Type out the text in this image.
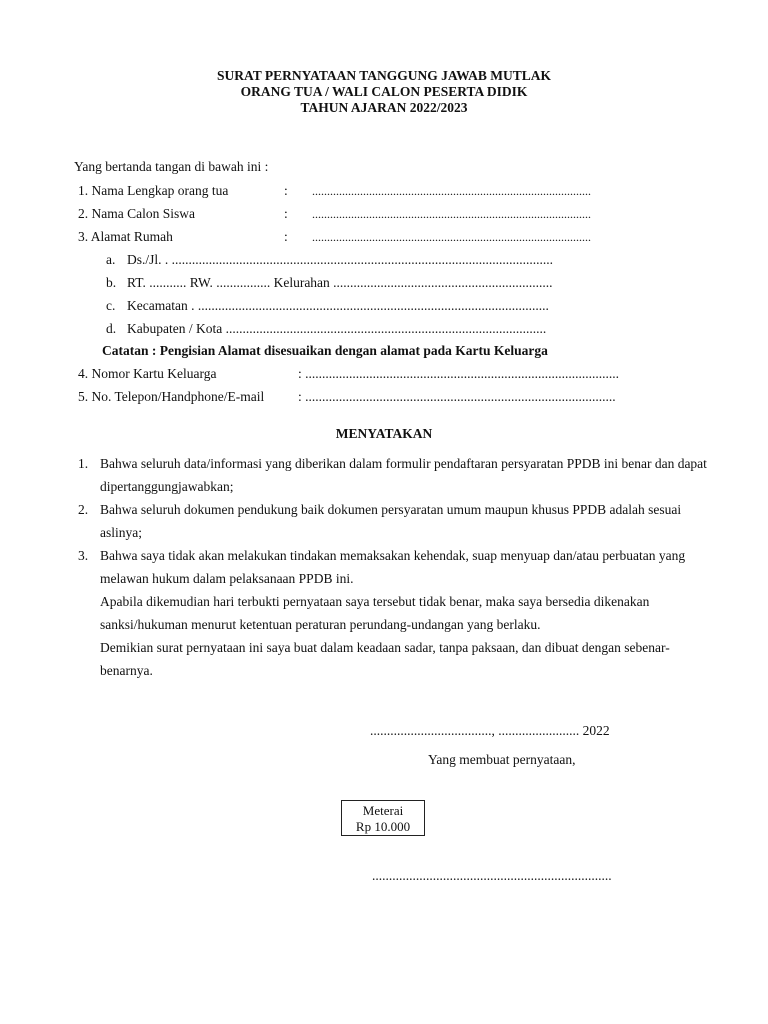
SURAT PERNYATAAN TANGGUNG JAWAB MUTLAK
ORANG TUA / WALI CALON PESERTA DIDIK
TAHUN AJARAN 2022/2023
Yang bertanda tangan di bawah ini :
1. Nama Lengkap orang tua	: .............................................................................................
2. Nama Calon Siswa	: .............................................................................................
3. Alamat Rumah	: .............................................................................................
a. Ds./Jl. . .................................................................................................................
b. RT. ........... RW. ................ Kelurahan .................................................................
c. Kecamatan . ........................................................................................................
d. Kabupaten / Kota ...............................................................................................
Catatan : Pengisian Alamat disesuaikan dengan alamat pada Kartu Keluarga
4. Nomor Kartu Keluarga	: .............................................................................................
5. No. Telepon/Handphone/E-mail : ............................................................................................
MENYATAKAN
1. Bahwa seluruh data/informasi yang diberikan dalam formulir pendaftaran persyaratan PPDB ini benar dan dapat dipertanggungjawabkan;
2. Bahwa seluruh dokumen pendukung baik dokumen persyaratan umum maupun khusus PPDB adalah sesuai aslinya;
3. Bahwa saya tidak akan melakukan tindakan memaksakan kehendak, suap menyuap dan/atau perbuatan yang melawan hukum dalam pelaksanaan PPDB ini.
Apabila dikemudian hari terbukti pernyataan saya tersebut tidak benar, maka saya bersedia dikenakan sanksi/hukuman menurut ketentuan peraturan perundang-undangan yang berlaku.
Demikian surat pernyataan ini saya buat dalam keadaan sadar, tanpa paksaan, dan dibuat dengan sebenar-benarnya.
...................................., ........................ 2022
Yang membuat pernyataan,
Meterai
Rp 10.000
.......................................................................
